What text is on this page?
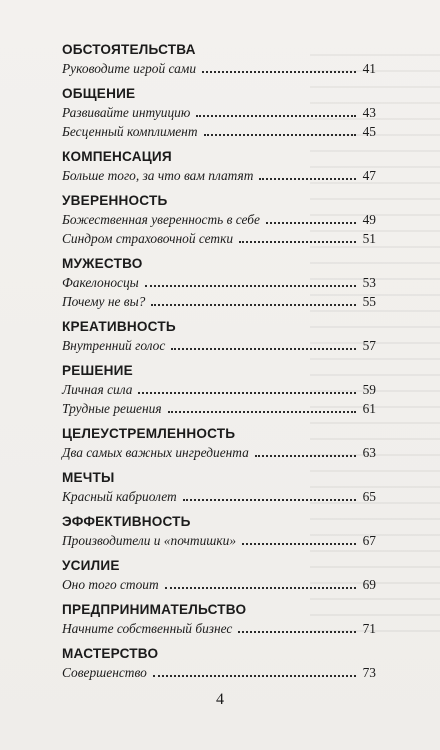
ОБСТОЯТЕЛЬСТВА
Руководите игрой сами	41
ОБЩЕНИЕ
Развивайте интуицию	43
Бесценный комплимент	45
КОМПЕНСАЦИЯ
Больше того, за что вам платят	47
УВЕРЕННОСТЬ
Божественная уверенность в себе	49
Синдром страховочной сетки	51
МУЖЕСТВО
Факелоносцы	53
Почему не вы?	55
КРЕАТИВНОСТЬ
Внутренний голос	57
РЕШЕНИЕ
Личная сила	59
Трудные решения	61
ЦЕЛЕУСТРЕМЛЕННОСТЬ
Два самых важных ингредиента	63
МЕЧТЫ
Красный кабриолет	65
ЭФФЕКТИВНОСТЬ
Производители и «почтишки»	67
УСИЛИЕ
Оно того стоит	69
ПРЕДПРИНИМАТЕЛЬСТВО
Начните собственный бизнес	71
МАСТЕРСТВО
Совершенство	73
4
